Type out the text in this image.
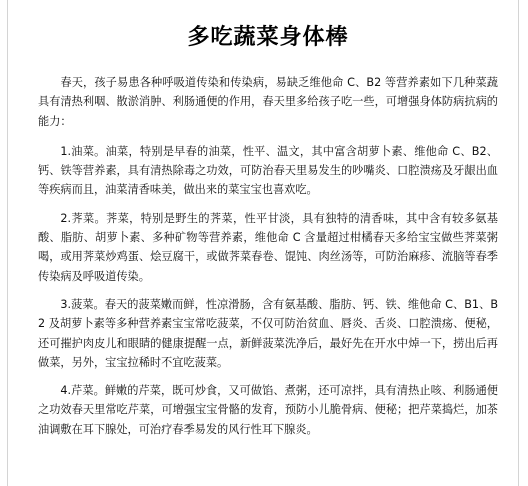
多吃蔬菜身体棒

春天，孩子易患各种呼吸道传染和传染病，易缺乏维他命 C、B2 等营养素如下几种菜蔬具有清热利咽、散淤消肿、利肠通便的作用，春天里多给孩子吃一些，可增强身体防病抗病的能力：

1.油菜。油菜，特别是早春的油菜，性平、温文，其中富含胡萝卜素、维他命 C、B2、钙、铁等营养素，具有清热除毒之功效，可防治春天里易发生的吵嘴炎、口腔溃疡及牙龈出血等疾病而且，油菜清香味美，做出来的菜宝宝也喜欢吃。

2.荠菜。荠菜，特别是野生的荠菜，性平甘淡，具有独特的清香味，其中含有较多氨基酸、脂肪、胡萝卜素、多种矿物等营养素，维他命 C 含量超过柑橘春天多给宝宝做些荠菜粥喝，或用荠菜炒鸡蛋、烩豆腐干，或做荠菜春卷、馄饨、肉丝汤等，可防治麻疹、流脑等春季传染病及呼吸道传染。

3.菠菜。春天的菠菜嫩而鲜，性凉滑肠，含有氨基酸、脂肪、钙、铁、维他命 C、B1、B2 及胡萝卜素等多种营养素宝宝常吃菠菜，不仅可防治贫血、唇炎、舌炎、口腔溃疡、便秘，还可摧护肉皮儿和眼睛的健康提醒一点，新鲜菠菜洗净后，最好先在开水中焯一下，捞出后再做菜，另外，宝宝拉稀时不宜吃菠菜。

4.芹菜。鲜嫩的芹菜，既可炒食，又可做馅、煮粥，还可凉拌，具有清热止咳、利肠通便之功效春天里常吃芹菜，可增强宝宝骨骼的发育，预防小儿脆骨病、便秘；把芹菜捣烂，加茶油调敷在耳下腺处，可治疗春季易发的风行性耳下腺炎。
